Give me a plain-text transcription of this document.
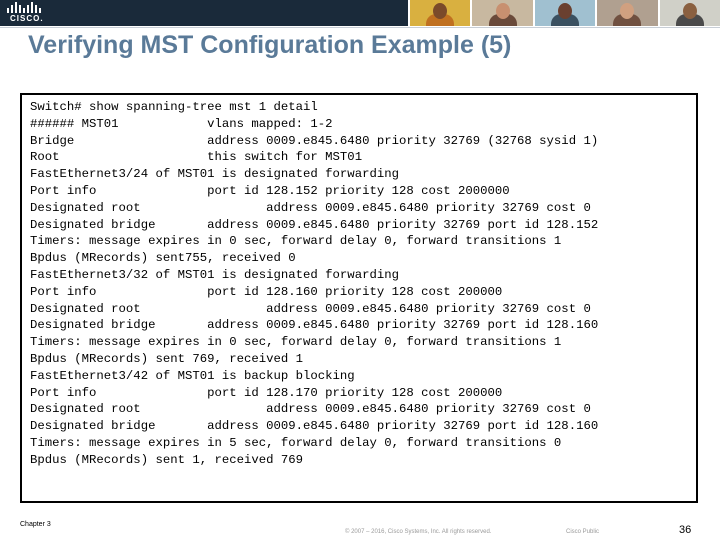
CISCO.
Verifying MST Configuration Example (5)
Switch# show spanning-tree mst 1 detail
###### MST01            vlans mapped: 1-2
Bridge                  address 0009.e845.6480 priority 32769 (32768 sysid 1)
Root                    this switch for MST01
FastEthernet3/24 of MST01 is designated forwarding
Port info               port id 128.152 priority 128 cost 2000000
Designated root                 address 0009.e845.6480 priority 32769 cost 0
Designated bridge       address 0009.e845.6480 priority 32769 port id 128.152
Timers: message expires in 0 sec, forward delay 0, forward transitions 1
Bpdus (MRecords) sent755, received 0
FastEthernet3/32 of MST01 is designated forwarding
Port info               port id 128.160 priority 128 cost 200000
Designated root                 address 0009.e845.6480 priority 32769 cost 0
Designated bridge       address 0009.e845.6480 priority 32769 port id 128.160
Timers: message expires in 0 sec, forward delay 0, forward transitions 1
Bpdus (MRecords) sent 769, received 1
FastEthernet3/42 of MST01 is backup blocking
Port info               port id 128.170 priority 128 cost 200000
Designated root                 address 0009.e845.6480 priority 32769 cost 0
Designated bridge       address 0009.e845.6480 priority 32769 port id 128.160
Timers: message expires in 5 sec, forward delay 0, forward transitions 0
Bpdus (MRecords) sent 1, received 769
Chapter 3
© 2007 – 2016, Cisco Systems, Inc. All rights reserved.	Cisco Public	36
